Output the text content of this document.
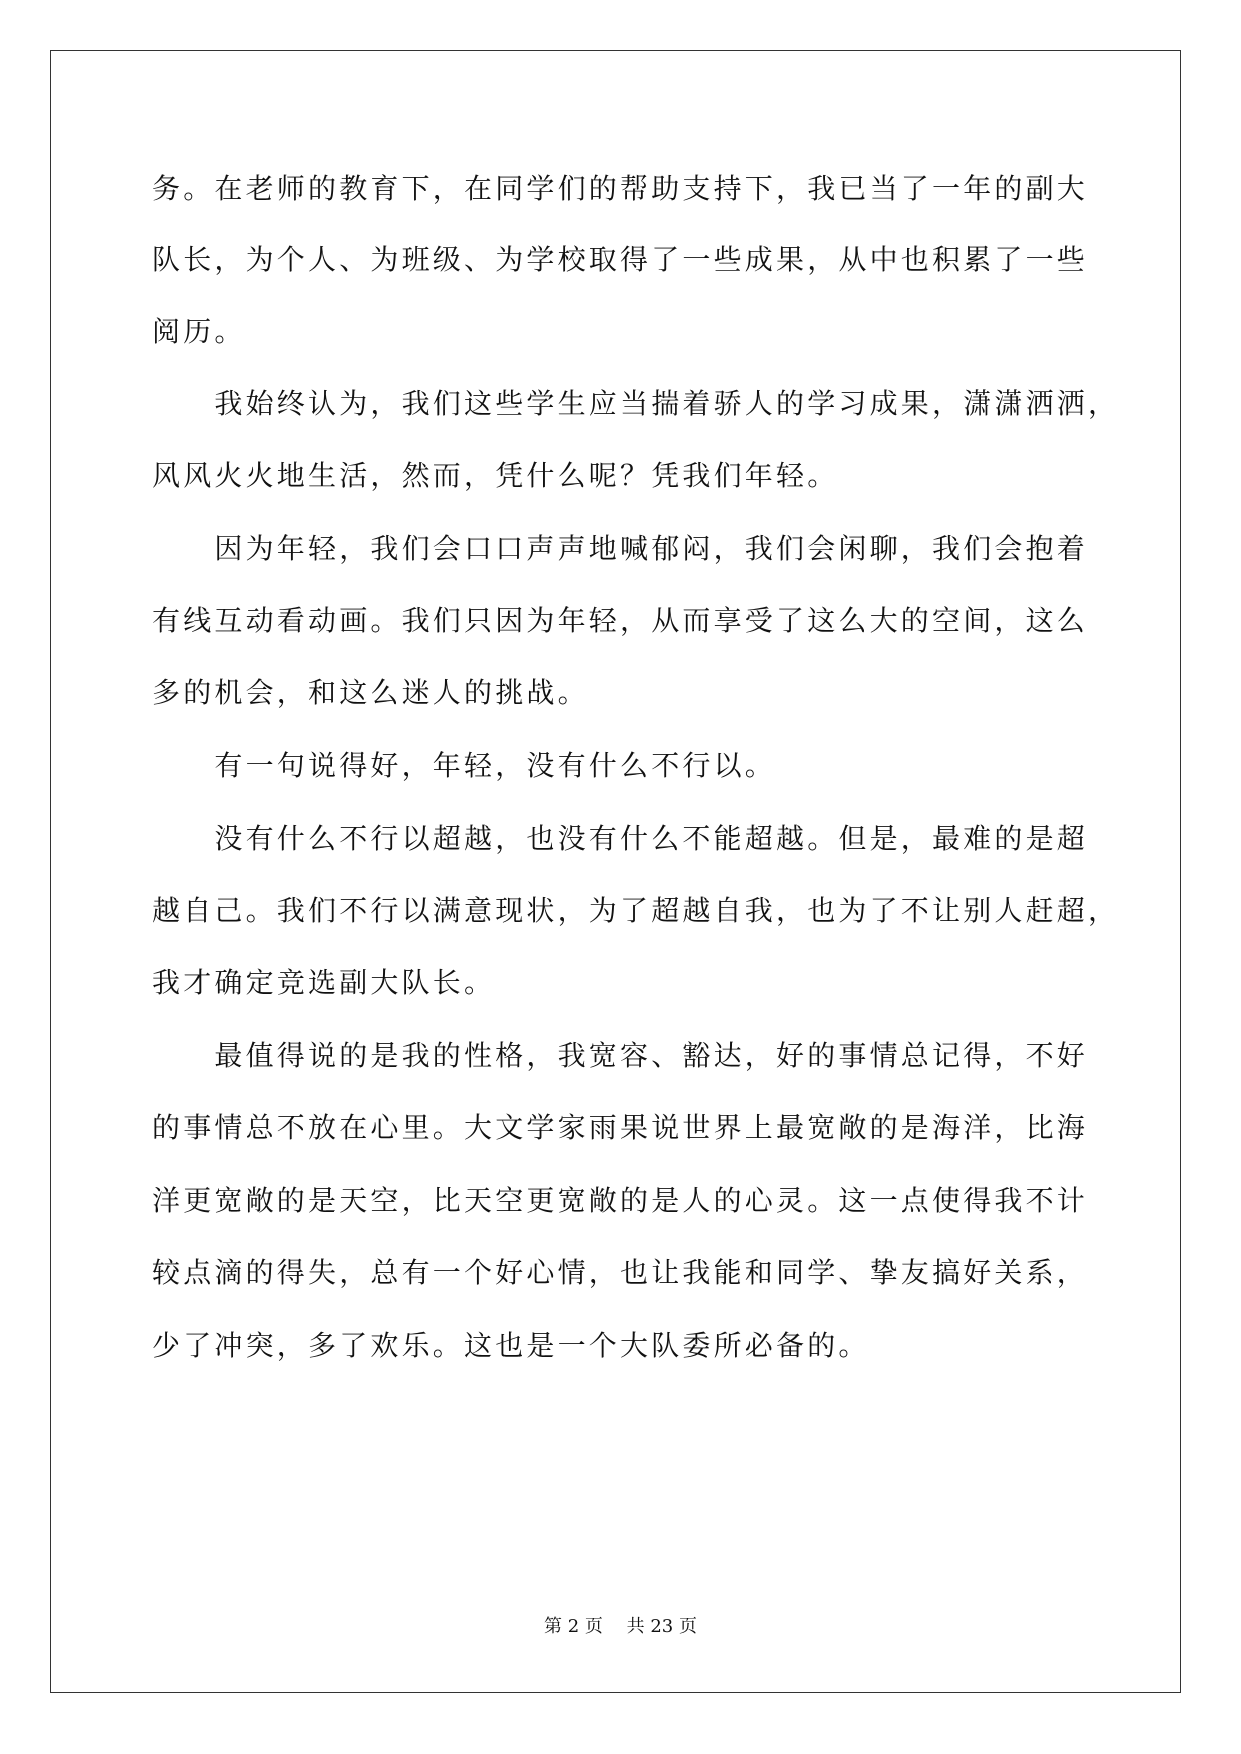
务。在老师的教育下，在同学们的帮助支持下，我已当了一年的副大
队长，为个人、为班级、为学校取得了一些成果，从中也积累了一些
阅历。
　　我始终认为，我们这些学生应当揣着骄人的学习成果，潇潇洒洒，
风风火火地生活，然而，凭什么呢？凭我们年轻。
　　因为年轻，我们会口口声声地喊郁闷，我们会闲聊，我们会抱着
有线互动看动画。我们只因为年轻，从而享受了这么大的空间，这么
多的机会，和这么迷人的挑战。
　　有一句说得好，年轻，没有什么不行以。
　　没有什么不行以超越，也没有什么不能超越。但是，最难的是超
越自己。我们不行以满意现状，为了超越自我，也为了不让别人赶超，
我才确定竞选副大队长。
　　最值得说的是我的性格，我宽容、豁达，好的事情总记得，不好
的事情总不放在心里。大文学家雨果说世界上最宽敞的是海洋，比海
洋更宽敞的是天空，比天空更宽敞的是人的心灵。这一点使得我不计
较点滴的得失，总有一个好心情，也让我能和同学、挚友搞好关系，
少了冲突，多了欢乐。这也是一个大队委所必备的。
第 2 页　 共 23 页
